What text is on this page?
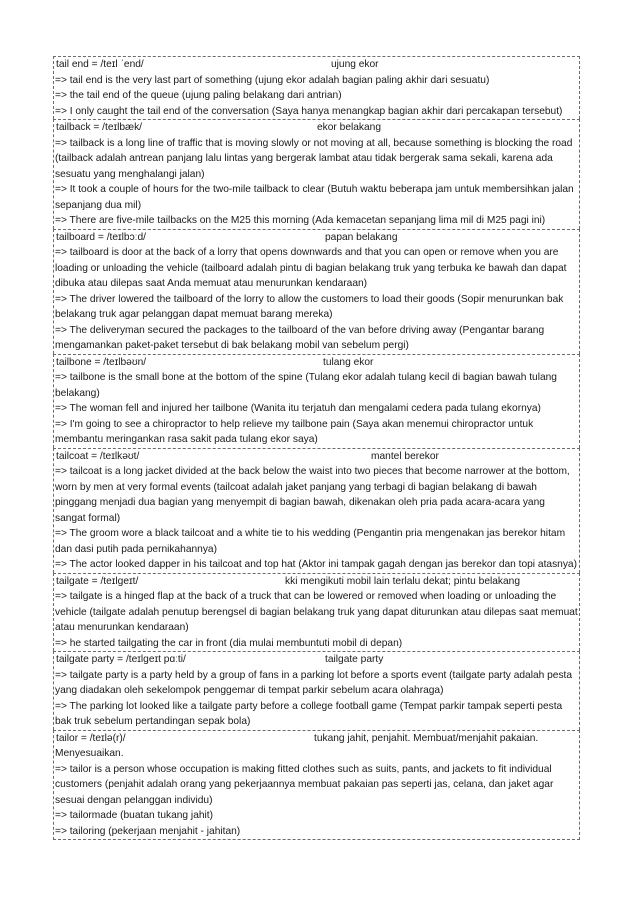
tail end = /teɪl ˈend/	ujung ekor
=> tail end is the very last part of something (ujung ekor adalah bagian paling akhir dari sesuatu)
=> the tail end of the queue (ujung paling belakang dari antrian)
=> I only caught the tail end of the conversation (Saya hanya menangkap bagian akhir dari percakapan tersebut)
tailback = /teɪlbæk/	ekor belakang
=> tailback is a long line of traffic that is moving slowly or not moving at all, because something is blocking the road (tailback adalah antrean panjang lalu lintas yang bergerak lambat atau tidak bergerak sama sekali, karena ada sesuatu yang menghalangi jalan)
=> It took a couple of hours for the two-mile tailback to clear (Butuh waktu beberapa jam untuk membersihkan jalan sepanjang dua mil)
=> There are five-mile tailbacks on the M25 this morning (Ada kemacetan sepanjang lima mil di M25 pagi ini)
tailboard = /teɪlbɔːd/	papan belakang
=> tailboard is door at the back of a lorry that opens downwards and that you can open or remove when you are loading or unloading the vehicle (tailboard adalah pintu di bagian belakang truk yang terbuka ke bawah dan dapat dibuka atau dilepas saat Anda memuat atau menurunkan kendaraan)
=> The driver lowered the tailboard of the lorry to allow the customers to load their goods (Sopir menurunkan bak belakang truk agar pelanggan dapat memuat barang mereka)
=> The deliveryman secured the packages to the tailboard of the van before driving away (Pengantar barang mengamankan paket-paket tersebut di bak belakang mobil van sebelum pergi)
tailbone = /teɪlbəʊn/	tulang ekor
=> tailbone is the small bone at the bottom of the spine (Tulang ekor adalah tulang kecil di bagian bawah tulang belakang)
=> The woman fell and injured her tailbone (Wanita itu terjatuh dan mengalami cedera pada tulang ekornya)
=> I'm going to see a chiropractor to help relieve my tailbone pain (Saya akan menemui chiropractor untuk membantu meringankan rasa sakit pada tulang ekor saya)
tailcoat = /teɪlkəʊt/	mantel berekor
=> tailcoat is a long jacket divided at the back below the waist into two pieces that become narrower at the bottom, worn by men at very formal events (tailcoat adalah jaket panjang yang terbagi di bagian belakang di bawah pinggang menjadi dua bagian yang menyempit di bagian bawah, dikenakan oleh pria pada acara-acara yang sangat formal)
=> The groom wore a black tailcoat and a white tie to his wedding (Pengantin pria mengenakan jas berekor hitam dan dasi putih pada pernikahannya)
=> The actor looked dapper in his tailcoat and top hat (Aktor ini tampak gagah dengan jas berekor dan topi atasnya)
tailgate = /teɪlgeɪt/	kki mengikuti mobil lain terlalu dekat; pintu belakang
=> tailgate is a hinged flap at the back of a truck that can be lowered or removed when loading or unloading the vehicle (tailgate adalah penutup berengsel di bagian belakang truk yang dapat diturunkan atau dilepas saat memuat atau menurunkan kendaraan)
=> he started tailgating the car in front (dia mulai membuntuti mobil di depan)
tailgate party = /teɪlgeɪt pɑːti/	tailgate party
=> tailgate party is a party held by a group of fans in a parking lot before a sports event (tailgate party adalah pesta yang diadakan oleh sekelompok penggemar di tempat parkir sebelum acara olahraga)
=> The parking lot looked like a tailgate party before a college football game (Tempat parkir tampak seperti pesta bak truk sebelum pertandingan sepak bola)
tailor = /teɪlə(r)/	tukang jahit, penjahit. Membuat/menjahit pakaian. Menyesuaikan.
=> tailor is a person whose occupation is making fitted clothes such as suits, pants, and jackets to fit individual customers (penjahit adalah orang yang pekerjaannya membuat pakaian pas seperti jas, celana, dan jaket agar sesuai dengan pelanggan individu)
=> tailormade (buatan tukang jahit)
=> tailoring (pekerjaan menjahit - jahitan)
